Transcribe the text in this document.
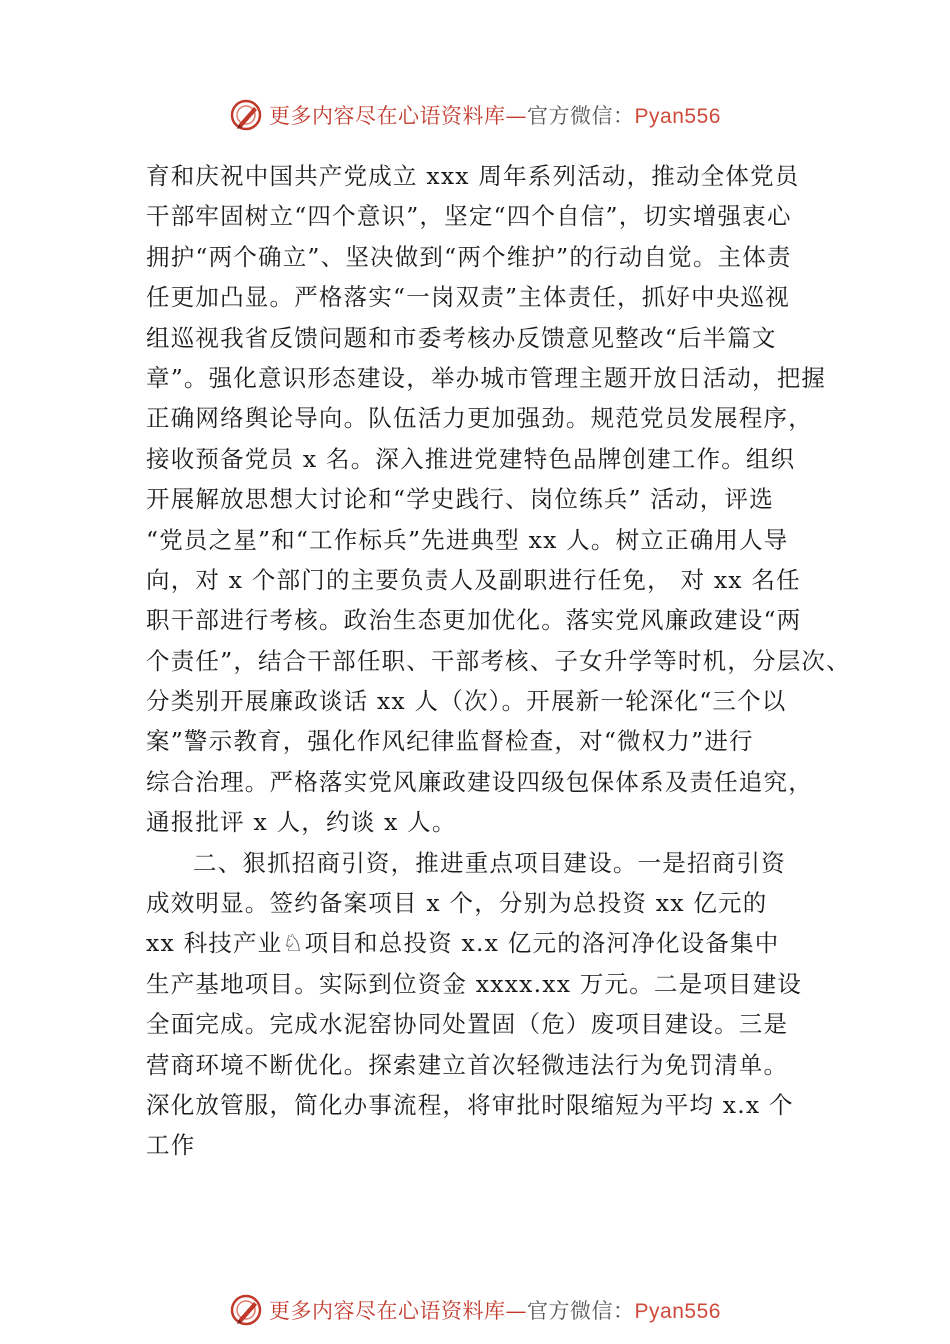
更多内容尽在心语资料库—官方微信：Pyan556
育和庆祝中国共产党成立 xxx 周年系列活动，推动全体党员
干部牢固树立“四个意识”，坚定“四个自信”，切实增强衷心
拥护“两个确立”、坚决做到“两个维护”的行动自觉。主体责
任更加凸显。严格落实“一岗双责”主体责任，抓好中央巡视
组巡视我省反馈问题和市委考核办反馈意见整改“后半篇文
章”。强化意识形态建设，举办城市管理主题开放日活动，把握
正确网络舆论导向。队伍活力更加强劲。规范党员发展程序，
接收预备党员 x 名。深入推进党建特色品牌创建工作。组织
开展解放思想大讨论和“学史践行、岗位练兵” 活动，评选
“党员之星”和“工作标兵”先进典型 xx 人。树立正确用人导
向，对 x 个部门的主要负责人及副职进行任免， 对 xx 名任
职干部进行考核。政治生态更加优化。落实党风廉政建设“两
个责任”，结合干部任职、干部考核、子女升学等时机，分层次、
分类别开展廉政谈话 xx 人（次）。开展新一轮深化“三个以
案”警示教育，强化作风纪律监督检查，对“微权力”进行
综合治理。严格落实党风廉政建设四级包保体系及责任追究，
通报批评 x 人，约谈 x 人。
二、狠抓招商引资，推进重点项目建设。一是招商引资
成效明显。签约备案项目 x 个，分别为总投资 xx 亿元的
xx 科技产业♘项目和总投资 x.x 亿元的洛河净化设备集中
生产基地项目。实际到位资金 xxxx.xx 万元。二是项目建设
全面完成。完成水泥窑协同处置固（危）废项目建设。三是
营商环境不断优化。探索建立首次轻微违法行为免罚清单。
深化放管服，简化办事流程，将审批时限缩短为平均 x.x 个
工作
更多内容尽在心语资料库—官方微信：Pyan556
